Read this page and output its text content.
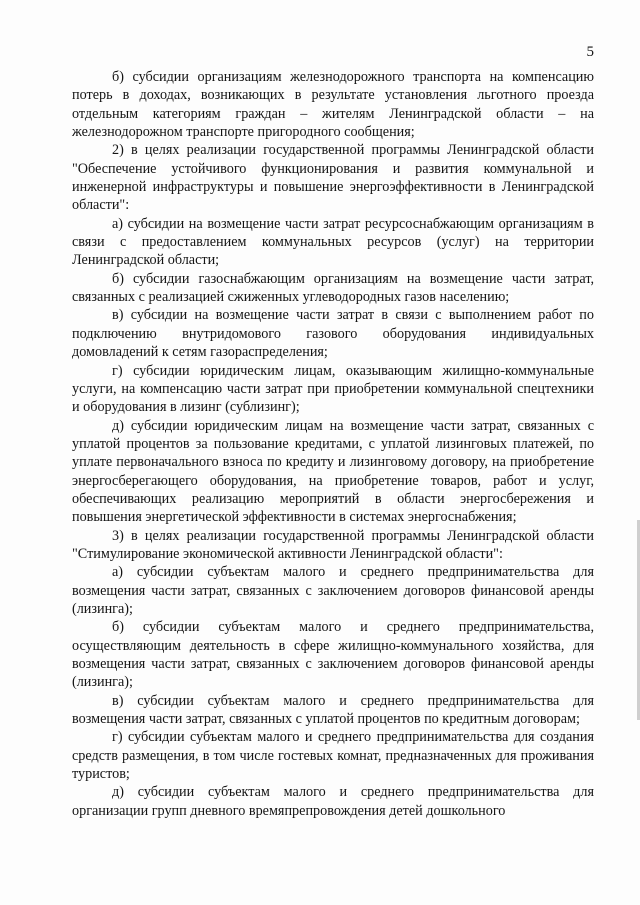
5

б) субсидии организациям железнодорожного транспорта на компенсацию потерь в доходах, возникающих в результате установления льготного проезда отдельным категориям граждан – жителям Ленинградской области – на железнодорожном транспорте пригородного сообщения;

2) в целях реализации государственной программы Ленинградской области "Обеспечение устойчивого функционирования и развития коммунальной и инженерной инфраструктуры и повышение энергоэффективности в Ленинградской области":

а) субсидии на возмещение части затрат ресурсоснабжающим организациям в связи с предоставлением коммунальных ресурсов (услуг) на территории Ленинградской области;

б) субсидии газоснабжающим организациям на возмещение части затрат, связанных с реализацией сжиженных углеводородных газов населению;

в) субсидии на возмещение части затрат в связи с выполнением работ по подключению внутридомового газового оборудования индивидуальных домовладений к сетям газораспределения;

г) субсидии юридическим лицам, оказывающим жилищно-коммунальные услуги, на компенсацию части затрат при приобретении коммунальной спецтехники и оборудования в лизинг (сублизинг);

д) субсидии юридическим лицам на возмещение части затрат, связанных с уплатой процентов за пользование кредитами, с уплатой лизинговых платежей, по уплате первоначального взноса по кредиту и лизинговому договору, на приобретение энергосберегающего оборудования, на приобретение товаров, работ и услуг, обеспечивающих реализацию мероприятий в области энергосбережения и повышения энергетической эффективности в системах энергоснабжения;

3) в целях реализации государственной программы Ленинградской области "Стимулирование экономической активности Ленинградской области":

а) субсидии субъектам малого и среднего предпринимательства для возмещения части затрат, связанных с заключением договоров финансовой аренды (лизинга);

б) субсидии субъектам малого и среднего предпринимательства, осуществляющим деятельность в сфере жилищно-коммунального хозяйства, для возмещения части затрат, связанных с заключением договоров финансовой аренды (лизинга);

в) субсидии субъектам малого и среднего предпринимательства для возмещения части затрат, связанных с уплатой процентов по кредитным договорам;

г) субсидии субъектам малого и среднего предпринимательства для создания средств размещения, в том числе гостевых комнат, предназначенных для проживания туристов;

д) субсидии субъектам малого и среднего предпринимательства для организации групп дневного времяпрепровождения детей дошкольного
